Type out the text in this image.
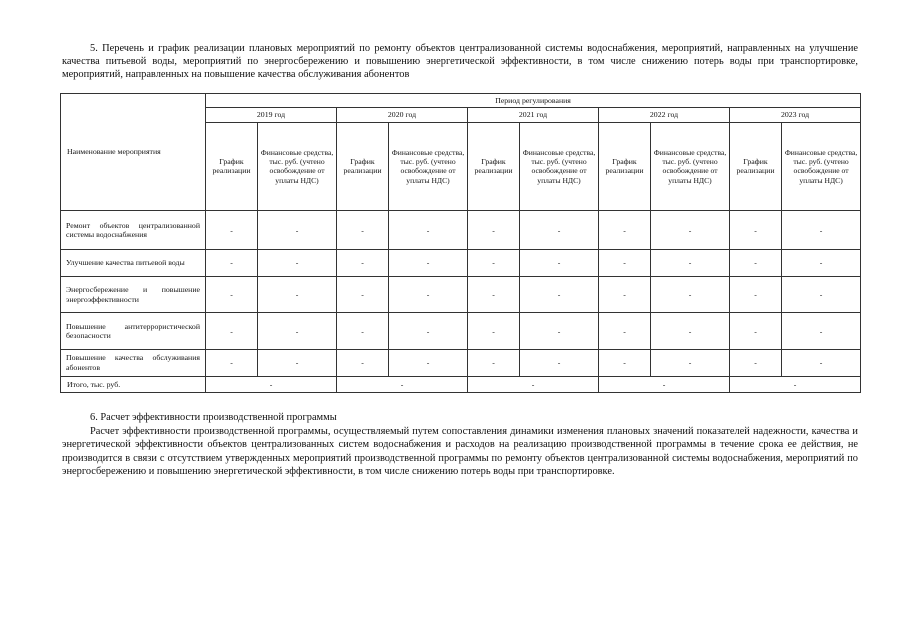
5. Перечень и график реализации плановых мероприятий по ремонту объектов централизованной системы водоснабжения, мероприятий, направленных на улучшение качества питьевой воды, мероприятий по энергосбережению и повышению энергетической эффективности, в том числе снижению потерь воды при транспортировке, мероприятий, направленных на повышение качества обслуживания абонентов
Наименование мероприятия	Период регулирования									
	2019 год		2020 год		2021 год		2022 год		2023 год	
	График реализации	Финансовые средства, тыс. руб. (учтено освобождение от уплаты НДС)	График реализации	Финансовые средства, тыс. руб. (учтено освобождение от уплаты НДС)	График реализации	Финансовые средства, тыс. руб. (учтено освобождение от уплаты НДС)	График реализации	Финансовые средства, тыс. руб. (учтено освобождение от уплаты НДС)	График реализации	Финансовые средства, тыс. руб. (учтено освобождение от уплаты НДС)
Ремонт объектов централизованной системы водоснабжения	-	-	-	-	-	-	-	-	-	-
Улучшение качества питьевой воды	-	-	-	-	-	-	-	-	-	-
Энергосбережение и повышение энергоэффективности	-	-	-	-	-	-	-	-	-	-
Повышение антитеррористической безопасности	-	-	-	-	-	-	-	-	-	-
Повышение качества обслуживания абонентов	-	-	-	-	-	-	-	-	-	-
Итого, тыс. руб.	-		-		-		-		-	
6. Расчет эффективности производственной программы
Расчет эффективности производственной программы, осуществляемый путем сопоставления динамики изменения плановых значений показателей надежности, качества и энергетической эффективности объектов централизованных систем водоснабжения и расходов на реализацию производственной программы в течение срока ее действия, не производится в связи с отсутствием утвержденных мероприятий производственной программы по ремонту объектов централизованной системы водоснабжения, мероприятий по энергосбережению и повышению энергетической эффективности, в том числе снижению потерь воды при транспортировке.
